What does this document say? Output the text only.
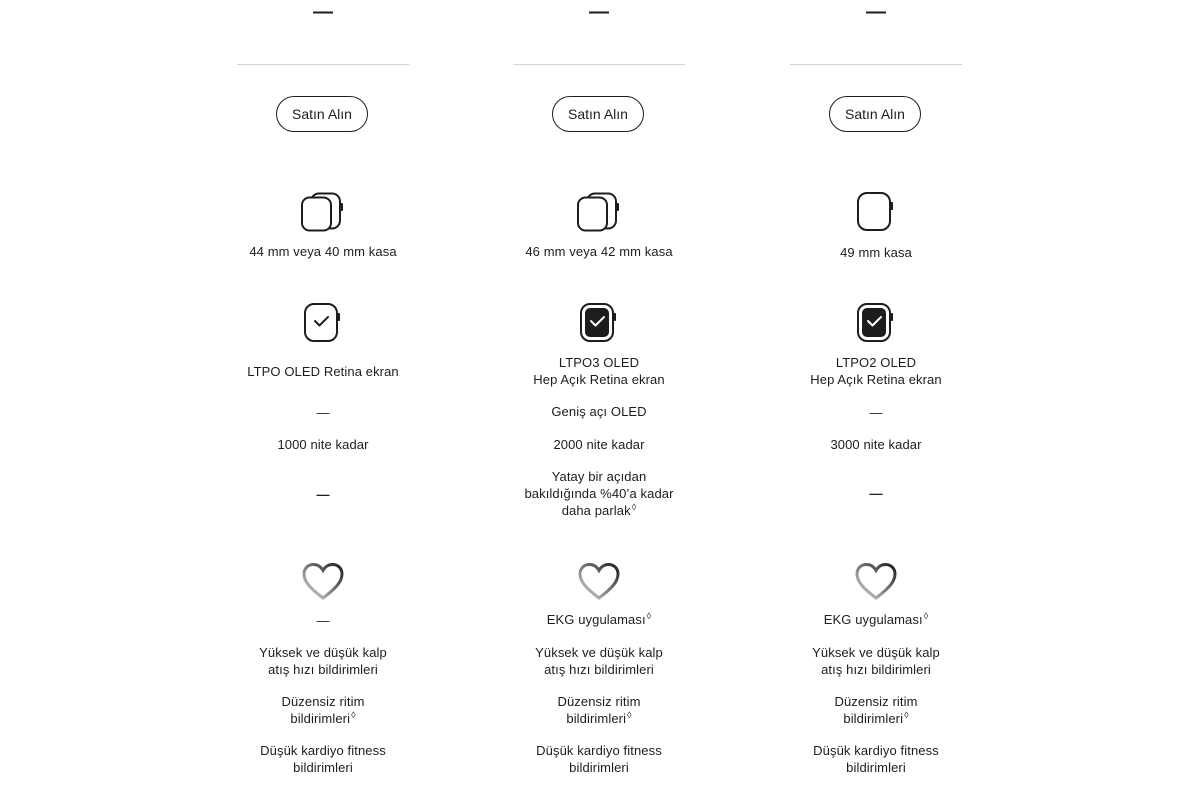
—
Satın Alın
44 mm veya 40 mm kasa
LTPO OLED Retina ekran
—
1000 nite kadar
—
—
Yüksek ve düşük kalp
atış hızı bildirimleri
Düzensiz ritim
bildirimleri◊
Düşük kardiyo fitness
bildirimleri
—
Satın Alın
46 mm veya 42 mm kasa
LTPO3 OLED
Hep Açık Retina ekran
Geniş açı OLED
2000 nite kadar
Yatay bir açıdan
bakıldığında %40’a kadar
daha parlak◊
EKG uygulaması◊
Yüksek ve düşük kalp
atış hızı bildirimleri
Düzensiz ritim
bildirimleri◊
Düşük kardiyo fitness
bildirimleri
—
Satın Alın
49 mm kasa
LTPO2 OLED
Hep Açık Retina ekran
—
3000 nite kadar
—
EKG uygulaması◊
Yüksek ve düşük kalp
atış hızı bildirimleri
Düzensiz ritim
bildirimleri◊
Düşük kardiyo fitness
bildirimleri
